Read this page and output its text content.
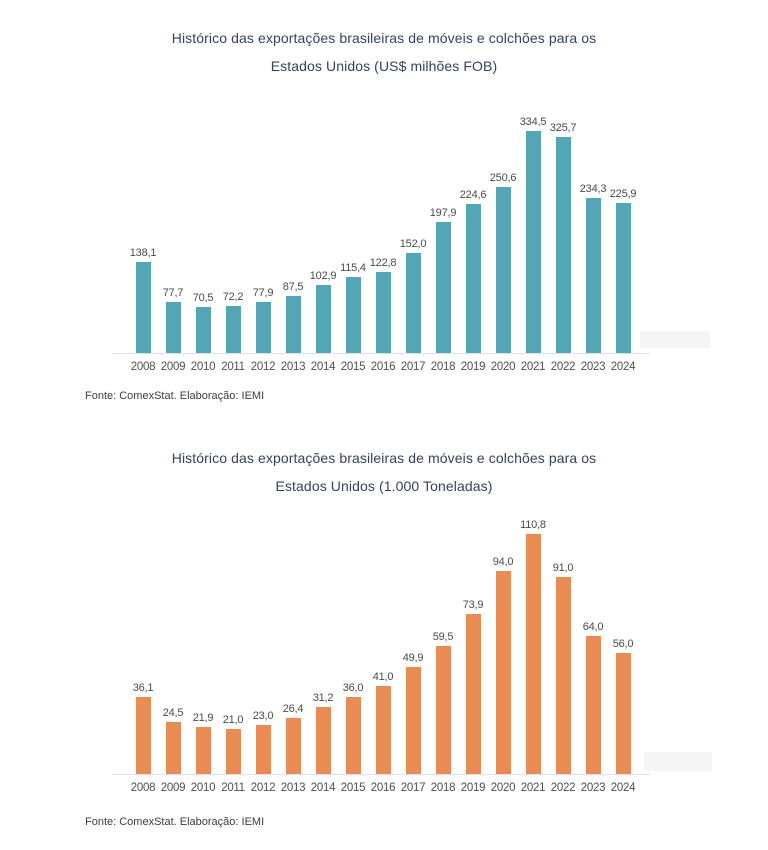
Histórico das exportações brasileiras de móveis e colchões para os
Estados Unidos (US$ milhões FOB)
138,1
77,7 70,5 72,2 77,9
87,5
102,9
115,4 122,8
152,0
197,9
224,6
250,6
334,5 325,7
234,3 225,9
2008 2009 2010 2011 2012 2013 2014 2015 2016 2017 2018 2019 2020 2021 2022 2023 2024
Fonte: ComexStat. Elaboração: IEMI
Histórico das exportações brasileiras de móveis e colchões para os
Estados Unidos (1.000 Toneladas)
36,1
24,5 21,9 21,0 23,0
26,4
31,2
36,0
41,0
49,9
59,5
73,9
94,0
110,8
91,0
64,0
56,0
2008 2009 2010 2011 2012 2013 2014 2015 2016 2017 2018 2019 2020 2021 2022 2023 2024
Fonte: ComexStat. Elaboração: IEMI
